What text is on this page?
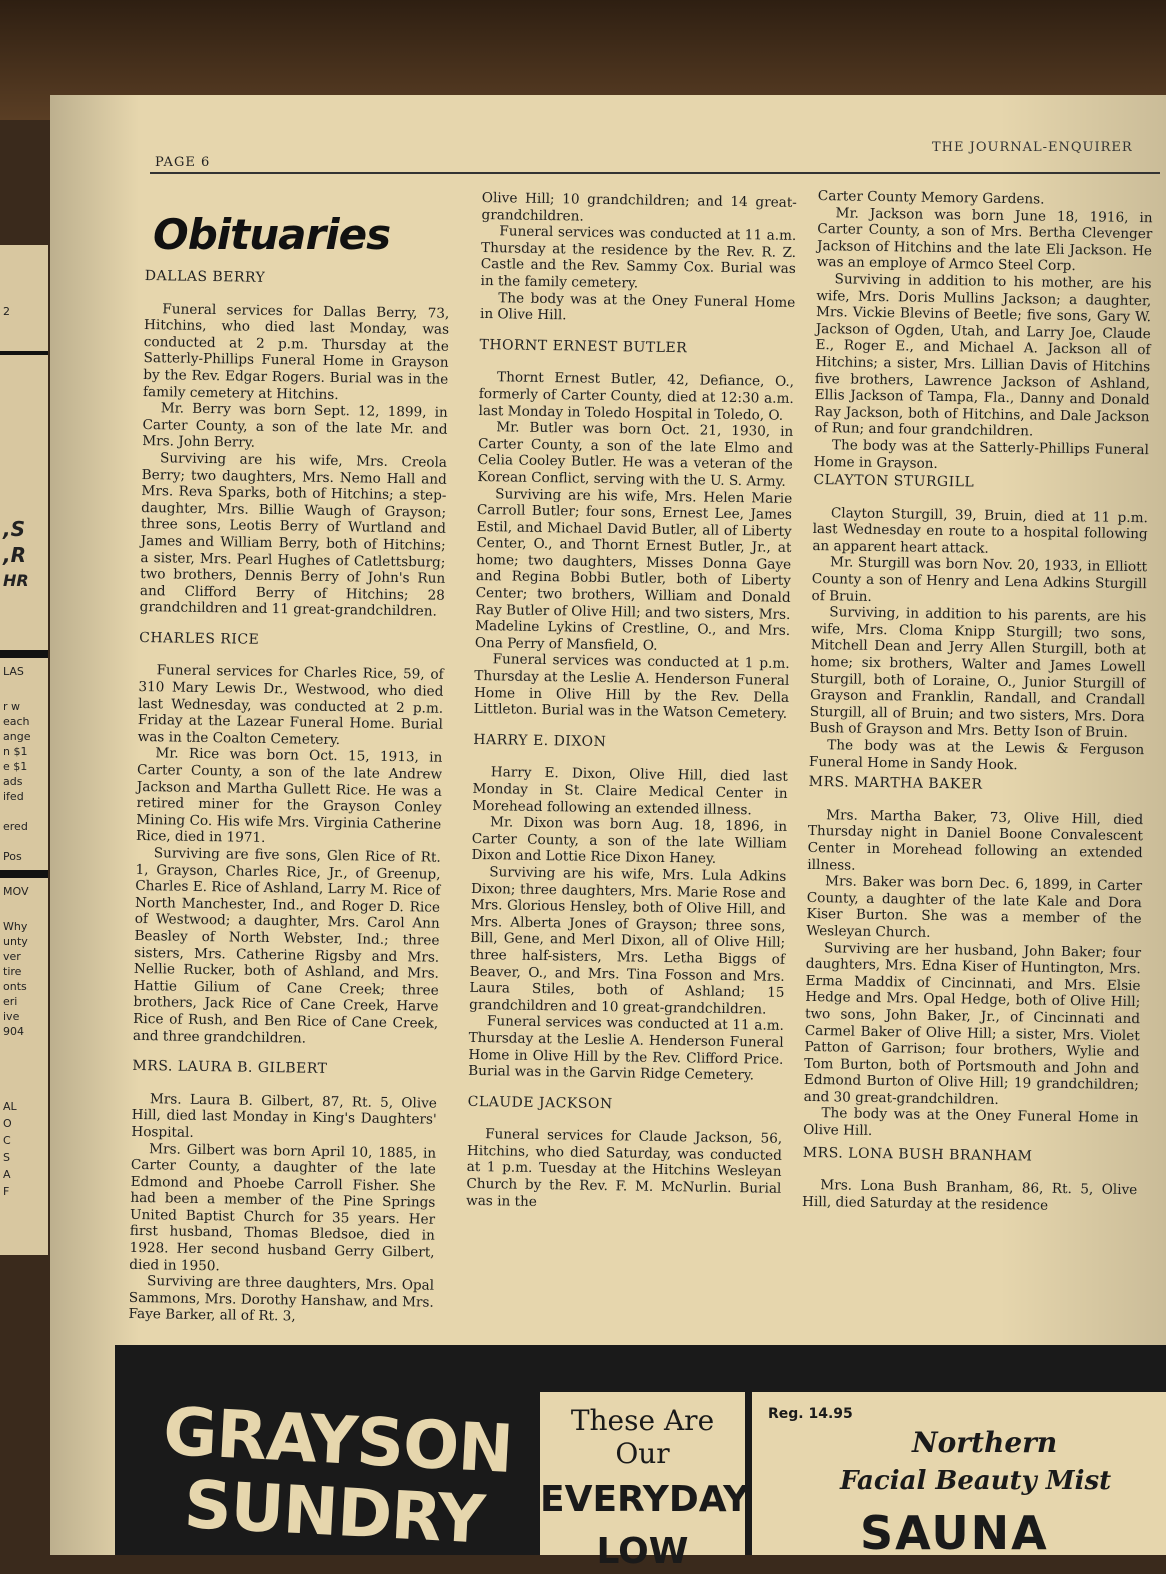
2
,S
,R
HR
LAS
r w
each
ange
n $1
e $1
ads
ifed
ered
Pos
MOV
Why
unty
ver
tire
onts
eri
ive
904
AL
O
C
S
A
F
PAGE 6
THE JOURNAL-ENQUIRER
Obituaries

DALLAS BERRY

Funeral services for Dallas Berry, 73, Hitchins, who died last Monday, was conducted at 2 p.m. Thursday at the Satterly-Phillips Funeral Home in Grayson by the Rev. Edgar Rogers. Burial was in the family cemetery at Hitchins.

Mr. Berry was born Sept. 12, 1899, in Carter County, a son of the late Mr. and Mrs. John Berry.

Surviving are his wife, Mrs. Creola Berry; two daughters, Mrs. Nemo Hall and Mrs. Reva Sparks, both of Hitchins; a step-daughter, Mrs. Billie Waugh of Grayson; three sons, Leotis Berry of Wurtland and James and William Berry, both of Hitchins; a sister, Mrs. Pearl Hughes of Catlettsburg; two brothers, Dennis Berry of John's Run and Clifford Berry of Hitchins; 28 grandchildren and 11 great-grandchildren.

CHARLES RICE

Funeral services for Charles Rice, 59, of 310 Mary Lewis Dr., Westwood, who died last Wednesday, was conducted at 2 p.m. Friday at the Lazear Funeral Home. Burial was in the Coalton Cemetery.

Mr. Rice was born Oct. 15, 1913, in Carter County, a son of the late Andrew Jackson and Martha Gullett Rice. He was a retired miner for the Grayson Conley Mining Co. His wife Mrs. Virginia Catherine Rice, died in 1971.

Surviving are five sons, Glen Rice of Rt. 1, Grayson, Charles Rice, Jr., of Greenup, Charles E. Rice of Ashland, Larry M. Rice of North Manchester, Ind., and Roger D. Rice of Westwood; a daughter, Mrs. Carol Ann Beasley of North Webster, Ind.; three sisters, Mrs. Catherine Rigsby and Mrs. Nellie Rucker, both of Ashland, and Mrs. Hattie Gilium of Cane Creek; three brothers, Jack Rice of Cane Creek, Harve Rice of Rush, and Ben Rice of Cane Creek, and three grandchildren.

MRS. LAURA B. GILBERT

Mrs. Laura B. Gilbert, 87, Rt. 5, Olive Hill, died last Monday in King's Daughters' Hospital.

Mrs. Gilbert was born April 10, 1885, in Carter County, a daughter of the late Edmond and Phoebe Carroll Fisher. She had been a member of the Pine Springs United Baptist Church for 35 years. Her first husband, Thomas Bledsoe, died in 1928. Her second husband Gerry Gilbert, died in 1950.

Surviving are three daughters, Mrs. Opal Sammons, Mrs. Dorothy Hanshaw, and Mrs. Faye Barker, all of Rt. 3,

Olive Hill; 10 grandchildren; and 14 great-grandchildren.

Funeral services was conducted at 11 a.m. Thursday at the residence by the Rev. R. Z. Castle and the Rev. Sammy Cox. Burial was in the family cemetery.

The body was at the Oney Funeral Home in Olive Hill.

THORNT ERNEST BUTLER

Thornt Ernest Butler, 42, Defiance, O., formerly of Carter County, died at 12:30 a.m. last Monday in Toledo Hospital in Toledo, O.

Mr. Butler was born Oct. 21, 1930, in Carter County, a son of the late Elmo and Celia Cooley Butler. He was a veteran of the Korean Conflict, serving with the U. S. Army.

Surviving are his wife, Mrs. Helen Marie Carroll Butler; four sons, Ernest Lee, James Estil, and Michael David Butler, all of Liberty Center, O., and Thornt Ernest Butler, Jr., at home; two daughters, Misses Donna Gaye and Regina Bobbi Butler, both of Liberty Center; two brothers, William and Donald Ray Butler of Olive Hill; and two sisters, Mrs. Madeline Lykins of Crestline, O., and Mrs. Ona Perry of Mansfield, O.

Funeral services was conducted at 1 p.m. Thursday at the Leslie A. Henderson Funeral Home in Olive Hill by the Rev. Della Littleton. Burial was in the Watson Cemetery.

HARRY E. DIXON

Harry E. Dixon, Olive Hill, died last Monday in St. Claire Medical Center in Morehead following an extended illness.

Mr. Dixon was born Aug. 18, 1896, in Carter County, a son of the late William Dixon and Lottie Rice Dixon Haney.

Surviving are his wife, Mrs. Lula Adkins Dixon; three daughters, Mrs. Marie Rose and Mrs. Glorious Hensley, both of Olive Hill, and Mrs. Alberta Jones of Grayson; three sons, Bill, Gene, and Merl Dixon, all of Olive Hill; three half-sisters, Mrs. Letha Biggs of Beaver, O., and Mrs. Tina Fosson and Mrs. Laura Stiles, both of Ashland; 15 grandchildren and 10 great-grandchildren.

Funeral services was conducted at 11 a.m. Thursday at the Leslie A. Henderson Funeral Home in Olive Hill by the Rev. Clifford Price. Burial was in the Garvin Ridge Cemetery.

CLAUDE JACKSON

Funeral services for Claude Jackson, 56, Hitchins, who died Saturday, was conducted at 1 p.m. Tuesday at the Hitchins Wesleyan Church by the Rev. F. M. McNurlin. Burial was in the

Carter County Memory Gardens.

Mr. Jackson was born June 18, 1916, in Carter County, a son of Mrs. Bertha Clevenger Jackson of Hitchins and the late Eli Jackson. He was an employe of Armco Steel Corp.

Surviving in addition to his mother, are his wife, Mrs. Doris Mullins Jackson; a daughter, Mrs. Vickie Blevins of Beetle; five sons, Gary W. Jackson of Ogden, Utah, and Larry Joe, Claude E., Roger E., and Michael A. Jackson all of Hitchins; a sister, Mrs. Lillian Davis of Hitchins five brothers, Lawrence Jackson of Ashland, Ellis Jackson of Tampa, Fla., Danny and Donald Ray Jackson, both of Hitchins, and Dale Jackson of Run; and four grandchildren.

The body was at the Satterly-Phillips Funeral Home in Grayson.

CLAYTON STURGILL

Clayton Sturgill, 39, Bruin, died at 11 p.m. last Wednesday en route to a hospital following an apparent heart attack.

Mr. Sturgill was born Nov. 20, 1933, in Elliott County a son of Henry and Lena Adkins Sturgill of Bruin.

Surviving, in addition to his parents, are his wife, Mrs. Cloma Knipp Sturgill; two sons, Mitchell Dean and Jerry Allen Sturgill, both at home; six brothers, Walter and James Lowell Sturgill, both of Loraine, O., Junior Sturgill of Grayson and Franklin, Randall, and Crandall Sturgill, all of Bruin; and two sisters, Mrs. Dora Bush of Grayson and Mrs. Betty Ison of Bruin.

The body was at the Lewis & Ferguson Funeral Home in Sandy Hook.

MRS. MARTHA BAKER

Mrs. Martha Baker, 73, Olive Hill, died Thursday night in Daniel Boone Convalescent Center in Morehead following an extended illness.

Mrs. Baker was born Dec. 6, 1899, in Carter County, a daughter of the late Kale and Dora Kiser Burton. She was a member of the Wesleyan Church.

Surviving are her husband, John Baker; four daughters, Mrs. Edna Kiser of Huntington, Mrs. Erma Maddix of Cincinnati, and Mrs. Elsie Hedge and Mrs. Opal Hedge, both of Olive Hill; two sons, John Baker, Jr., of Cincinnati and Carmel Baker of Olive Hill; a sister, Mrs. Violet Patton of Garrison; four brothers, Wylie and Tom Burton, both of Portsmouth and John and Edmond Burton of Olive Hill; 19 grandchildren; and 30 great-grandchildren.

The body was at the Oney Funeral Home in Olive Hill.

MRS. LONA BUSH BRANHAM

Mrs. Lona Bush Branham, 86, Rt. 5, Olive Hill, died Saturday at the residence

GRAYSON
SUNDRY
These Are Our
EVERYDAY
LOW
Reg. 14.95
Northern
Facial Beauty Mist
SAUNA
